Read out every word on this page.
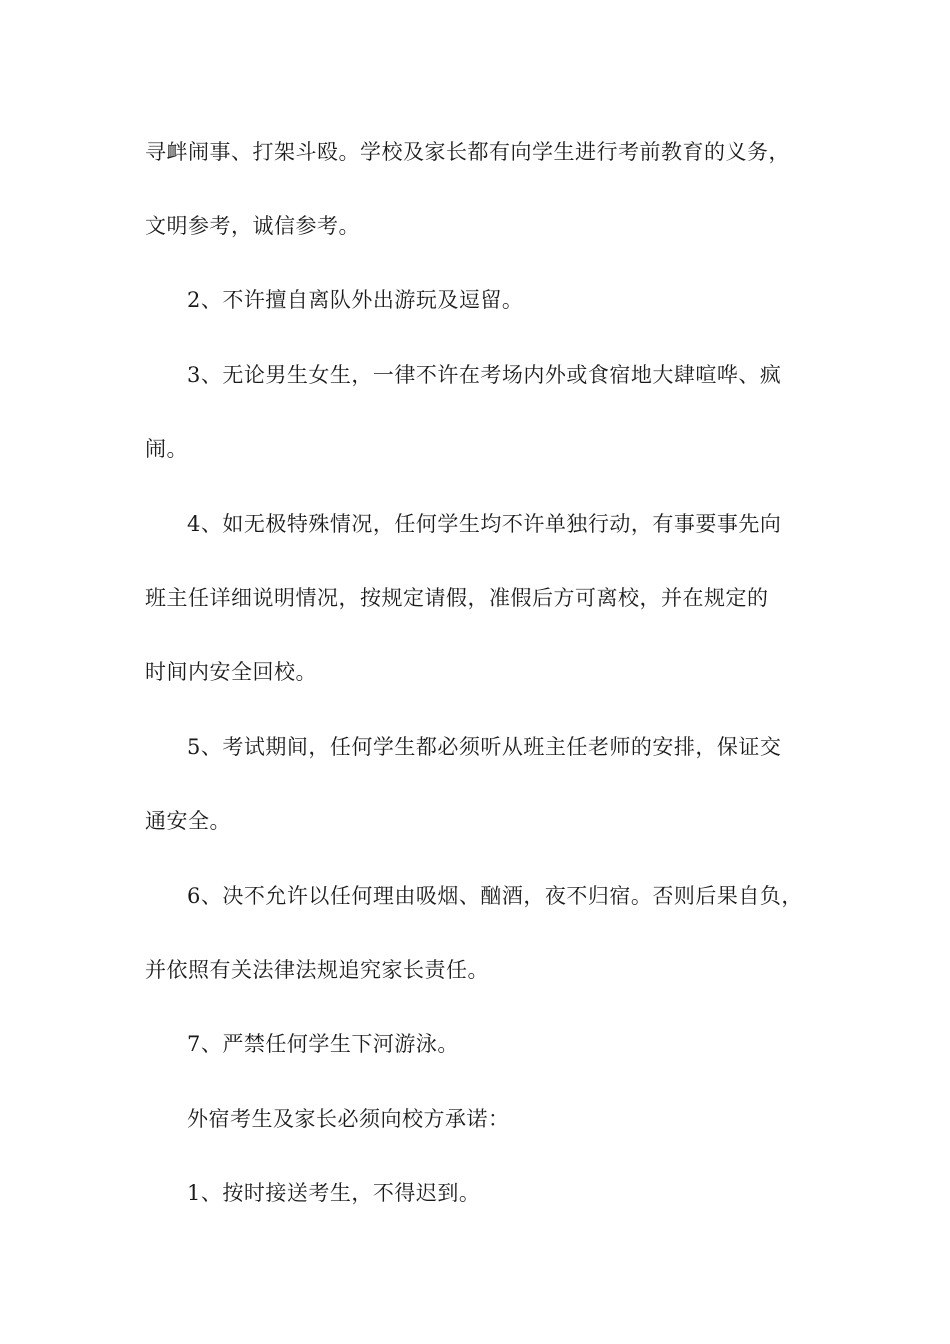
寻衅闹事、打架斗殴。学校及家长都有向学生进行考前教育的义务，
文明参考，诚信参考。
2、不许擅自离队外出游玩及逗留。
3、无论男生女生，一律不许在考场内外或食宿地大肆喧哗、疯
闹。
4、如无极特殊情况，任何学生均不许单独行动，有事要事先向
班主任详细说明情况，按规定请假，准假后方可离校，并在规定的
时间内安全回校。
5、考试期间，任何学生都必须听从班主任老师的安排，保证交
通安全。
6、决不允许以任何理由吸烟、酗酒，夜不归宿。否则后果自负，
并依照有关法律法规追究家长责任。
7、严禁任何学生下河游泳。
外宿考生及家长必须向校方承诺：
1、按时接送考生，不得迟到。
